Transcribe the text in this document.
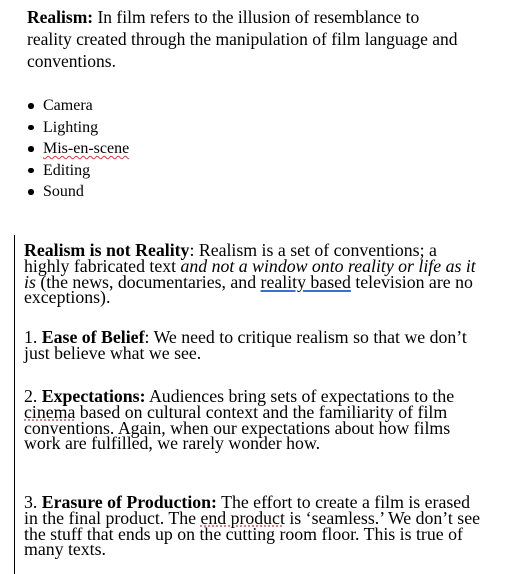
Realism: In film refers to the illusion of resemblance to reality created through the manipulation of film language and conventions.

Camera
Lighting
Mis-en-scene
Editing
Sound

Realism is not Reality: Realism is a set of conventions; a highly fabricated text and not a window onto reality or life as it is (the news, documentaries, and reality based television are no exceptions).

1. Ease of Belief: We need to critique realism so that we don’t just believe what we see.

2. Expectations: Audiences bring sets of expectations to the cinema based on cultural context and the familiarity of film conventions. Again, when our expectations about how films work are fulfilled, we rarely wonder how.

3. Erasure of Production: The effort to create a film is erased in the final product. The end product is ‘seamless.’ We don’t see the stuff that ends up on the cutting room floor. This is true of many texts.
